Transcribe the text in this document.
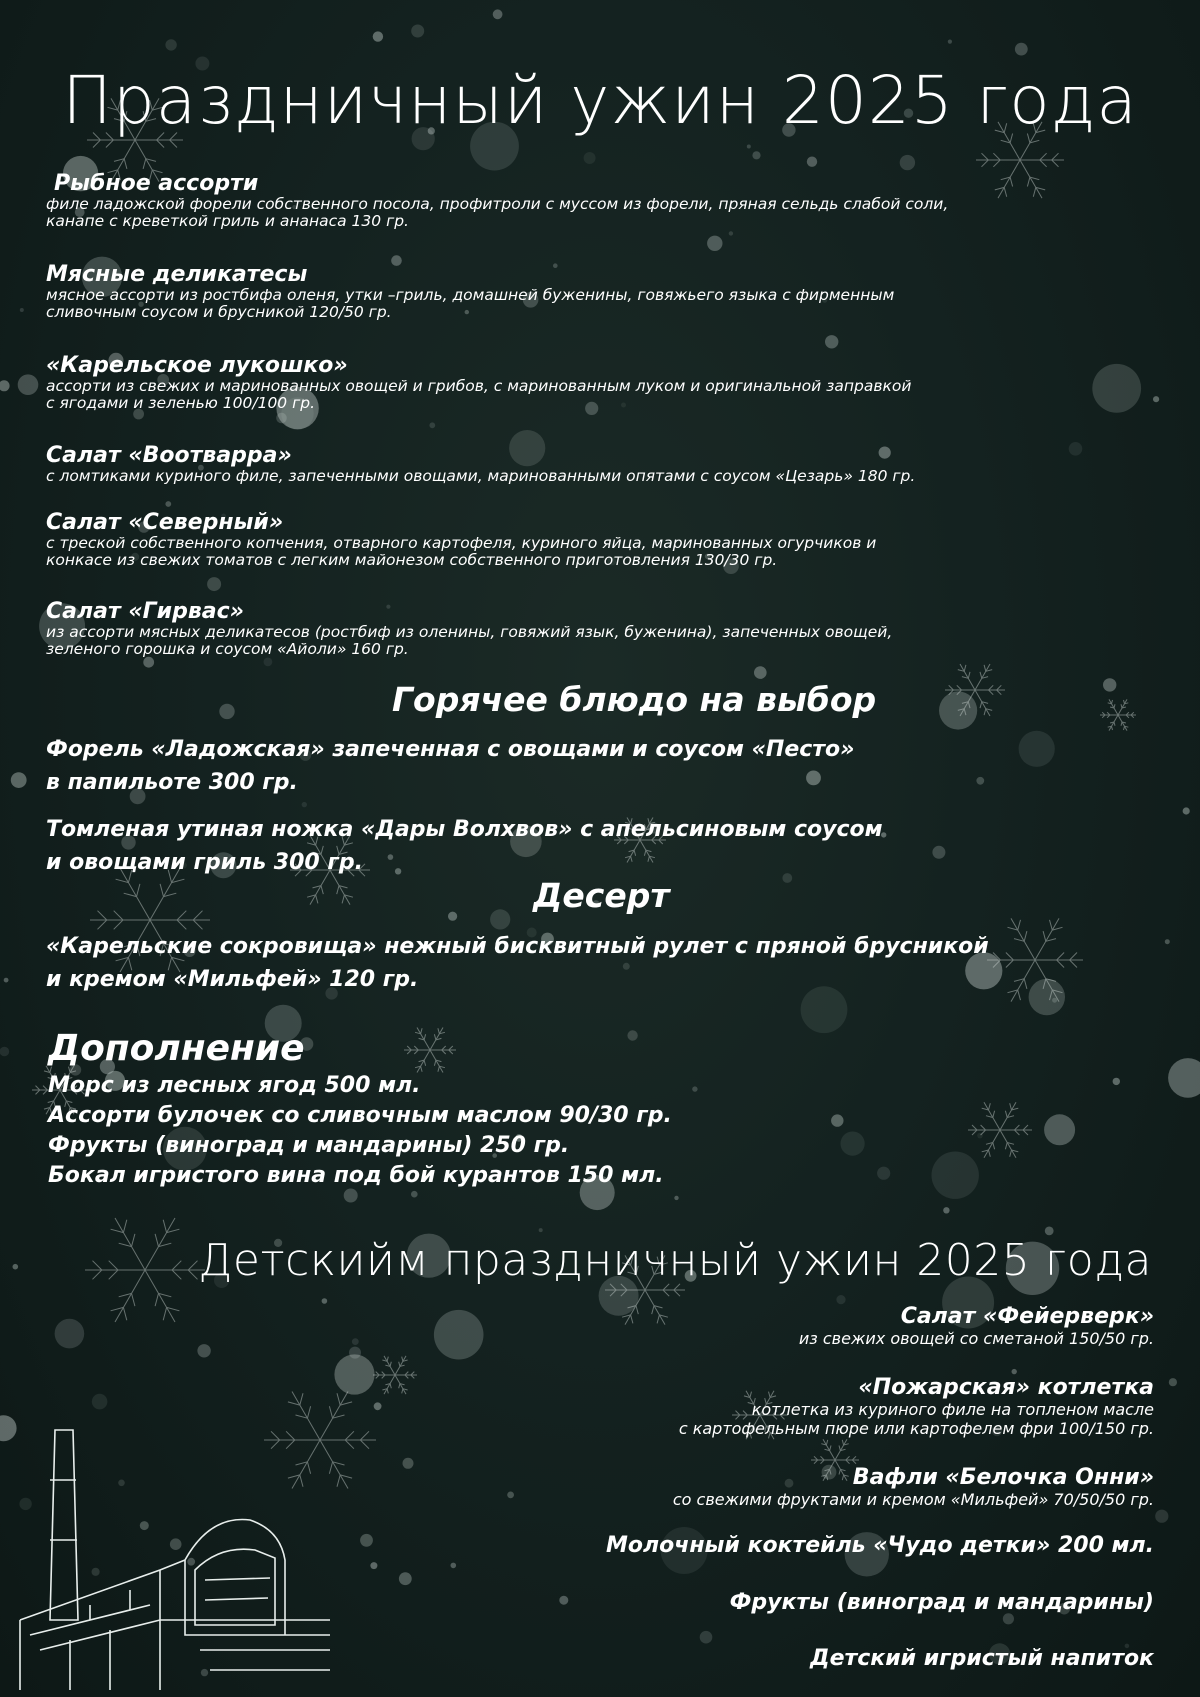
Праздничный ужин 2025 года

Рыбное ассорти

филе ладожской форели собственного посола, профитроли с муссом из форели, пряная сельдь слабой соли,

канапе с креветкой гриль и ананаса 130 гр.

Мясные деликатесы

мясное ассорти из ростбифа оленя, утки –гриль, домашней буженины, говяжьего языка с фирменным

сливочным соусом и брусникой 120/50 гр.

«Карельское лукошко»

ассорти из свежих и маринованных овощей и грибов, с маринованным луком и оригинальной заправкой

с ягодами и зеленью 100/100 гр.

Салат «Воотварра»

с ломтиками куриного филе, запеченными овощами, маринованными опятами с соусом «Цезарь» 180 гр.

Салат «Северный»

с треской собственного копчения, отварного картофеля, куриного яйца, маринованных огурчиков и

конкасе из свежих томатов с легким майонезом собственного приготовления 130/30 гр.

Салат «Гирвас»

из ассорти мясных деликатесов (ростбиф из оленины, говяжий язык, буженина), запеченных овощей,

зеленого горошка и соусом «Айоли» 160 гр.

Горячее блюдо на выбор

Форель «Ладожская» запеченная с овощами и соусом «Песто»
в папильоте 300 гр.
Томленая утиная ножка «Дары Волхвов» с апельсиновым соусом
и овощами гриль 300 гр.

Десерт

«Карельские сокровища» нежный бисквитный рулет с пряной брусникой
и кремом «Мильфей» 120 гр.

Дополнение

Морс из лесных ягод 500 мл.
Ассорти булочек со сливочным маслом 90/30 гр.
Фрукты (виноград и мандарины) 250 гр.
Бокал игристого вина под бой курантов 150 мл.
Детскийм праздничный ужин 2025 года
Салат «Фейерверк»
из свежих овощей со сметаной 150/50 гр.
«Пожарская» котлетка
котлетка из куриного филе на топленом масле
с картофельным пюре или картофелем фри 100/150 гр.
Вафли «Белочка Онни»
со свежими фруктами и кремом «Мильфей» 70/50/50 гр.
Молочный коктейль «Чудо детки» 200 мл.
Фрукты (виноград и мандарины)
Детский игристый напиток
